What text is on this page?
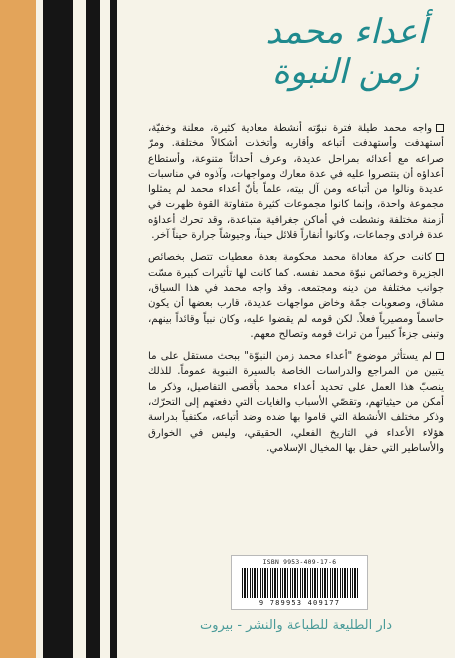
أعداء محمد
زمن النبوة

واجه محمد طيلة فترة نبوّته أنشطة معادية كثيرة، معلنة وخفيّة، أستهدفت وأستهدفت أتباعه وأقاربه وأتخذت أشكالاً مختلفة. ومرّ صراعه مع أعدائه بمراحل عديدة، وعرف أحداثاً متنوعة، وأستطاع أعداؤه أن ينتصروا عليه في عدة معارك ومواجهات، وآذوه في مناسبات عديدة ونالوا من أتباعه ومن آل بيته، علماً بأنّ أعداء محمد لم يمثلوا مجموعة واحدة، وإنما كانوا مجموعات كثيرة متفاوتة القوة ظهرت في أزمنة مختلفة ونشطت في أماكن جغرافية متباعدة، وقد تحرك أعداؤه عدة فرادى وجماعات، وكانوا أنفاراً قلائل حيناً، وجيوشاً جرارة حيناً آخر.

كانت حركة معاداة محمد محكومة بعدة معطيات تتصل بخصائص الجزيرة وخصائص نبوّة محمد نفسه. كما كانت لها تأثيرات كبيرة مسّت جوانب مختلفة من دينه ومجتمعه. وقد واجه محمد في هذا السياق، مشاق، وصعوبات جمّة وخاض مواجهات عديدة، قارب بعضها أن يكون حاسماً ومصيرياً فعلاً. لكن قومه لم يقضوا عليه، وكان نبياً وقائداً بينهم، وتبنى جزءاً كبيراً من تراث قومه وتصالح معهم.

لم يستأثر موضوع "أعداء محمد زمن النبوّة" ببحث مستقل على ما يتبين من المراجع والدراسات الخاصة بالسيرة النبوية عموماً. للذلك ينصبّ هذا العمل على تحديد أعداء محمد بأقصى التفاصيل، وذكر ما أمكن من حيثياتهم، وتقصّي الأسباب والغايات التي دفعتهم إلى التحرّك، وذكر مختلف الأنشطة التي قاموا بها ضده وضد أتباعه، مكتفياً بدراسة هؤلاء الأعداء في التاريخ الفعلي، الحقيقي، وليس في الخوارق والأساطير التي حفل بها المخيال الإسلامي.

ISBN 9953-409-17-6
9 789953 409177
دار الطليعة للطباعة والنشر - بيروت
